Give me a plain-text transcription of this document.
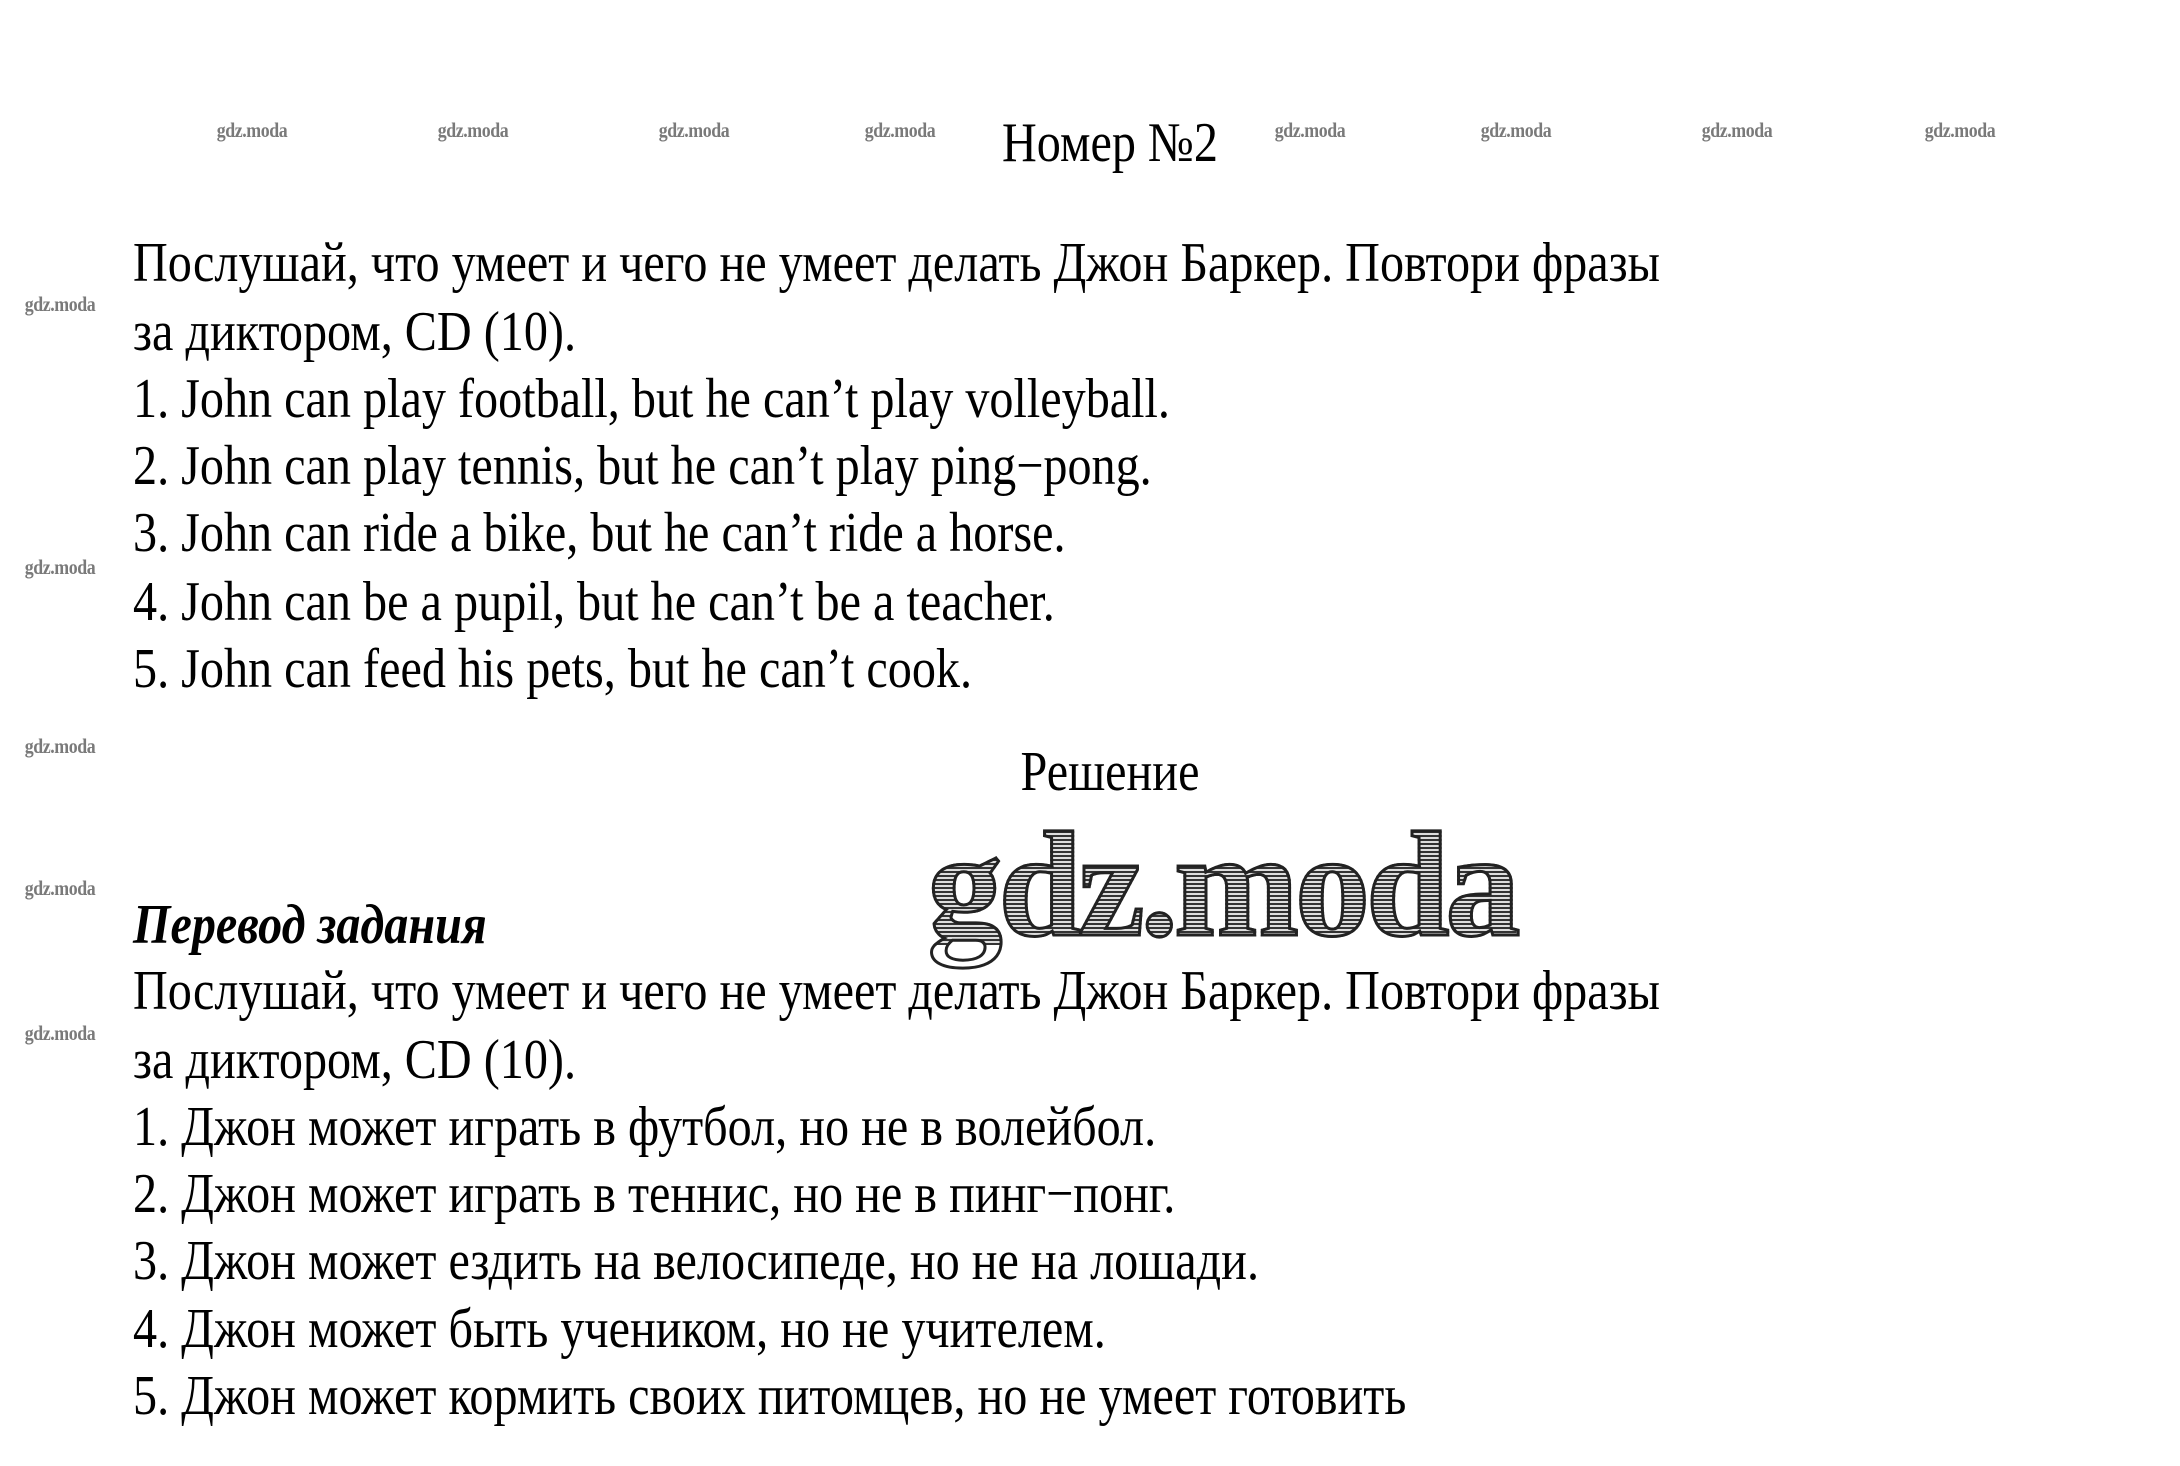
gdz.moda	gdz.moda	gdz.moda	gdz.moda	gdz.moda	gdz.moda	gdz.moda	gdz.moda
Номер №2
Послушай, что умеет и чего не умеет делать Джон Баркер. Повтори фразы
за диктором, CD (10).
1. John can play football, but he can’t play volleyball.
2. John can play tennis, but he can’t play ping−pong.
3. John can ride a bike, but he can’t ride a horse.
4. John can be a pupil, but he can’t be a teacher.
5. John can feed his pets, but he can’t cook.
gdz.moda
gdz.moda
gdz.moda
gdz.moda
gdz.moda
Решение
gdz.moda
Перевод задания
Послушай, что умеет и чего не умеет делать Джон Баркер. Повтори фразы
за диктором, CD (10).
1. Джон может играть в футбол, но не в волейбол.
2. Джон может играть в теннис, но не в пинг−понг.
3. Джон может ездить на велосипеде, но не на лошади.
4. Джон может быть учеником, но не учителем.
5. Джон может кормить своих питомцев, но не умеет готовить
